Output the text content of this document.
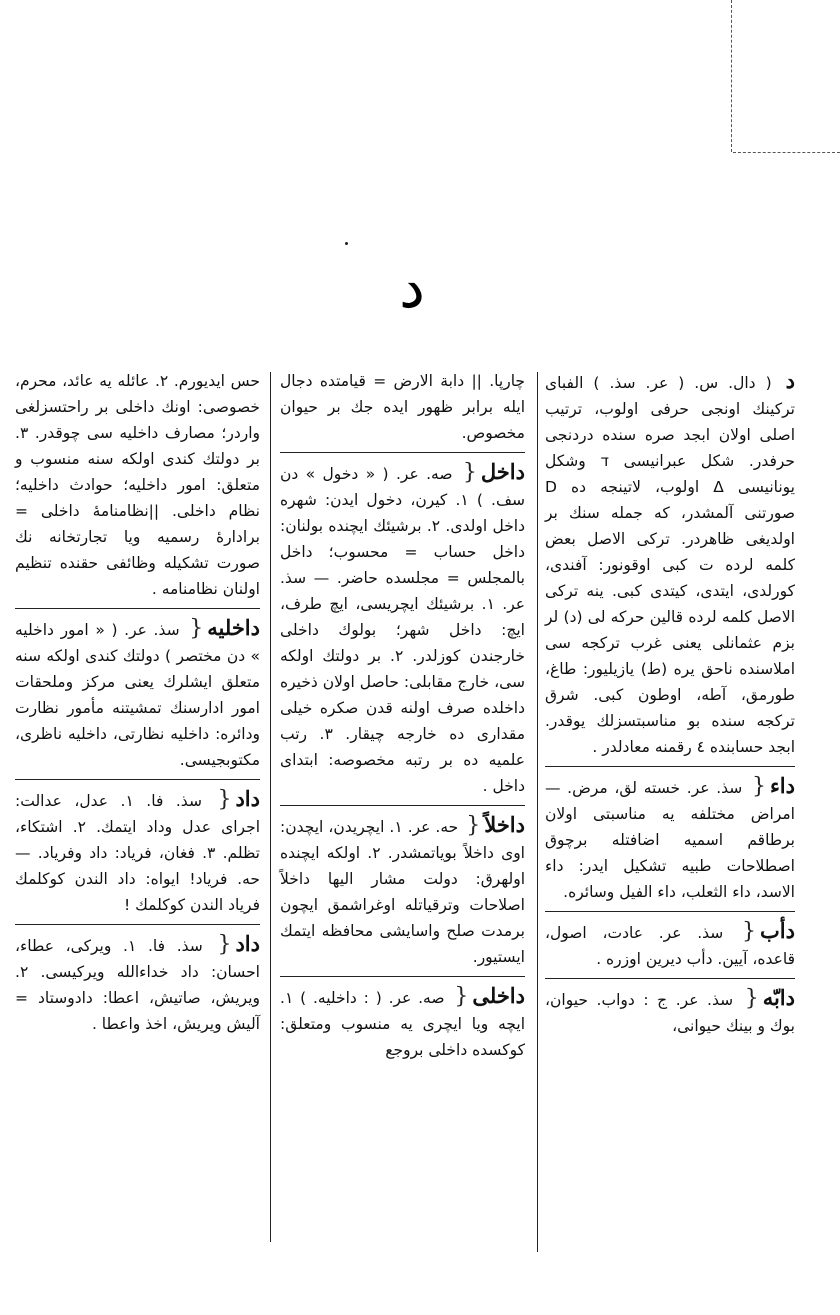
د
د ( دال. س. ( عر. سذ. ) الفباى تركينك اونجى حرفى اولوب، ترتيب اصلى اولان ابجد صره سنده دردنجى حرفدر. شكل عبرانيسى ד وشكل يونانيسى Δ اولوب، لاتينجه ده D صورتنى آلمشدر، كه جمله سنك بر اولديغى ظاهردر. تركى الاصل بعض كلمه لرده ت كبى اوقونور: آفندى، كورلدى، ايتدى، كيتدى كبى. ينه تركى الاصل كلمه لرده قالين حركه لى (د) لر بزم عثمانلى يعنى غرب تركجه سى املاسنده ناحق يره (ط) يازيليور: طاغ، طورمق، آطه، اوطون كبى. شرق تركجه سنده بو مناسبتسزلك يوقدر. ابجد حسابنده ٤ رقمنه معادلدر .
داء{ سذ. عر. خسته لق، مرض. — امراض مختلفه يه مناسبتى اولان برطاقم اسميه اضافتله برچوق اصطلاحات طبيه تشكيل ايدر: داء الاسد، داء الثعلب، داء الفيل وسائره.
دأب{ سذ. عر. عادت، اصول، قاعده، آيين. دأب ديرين اوزره .
دابّه{ سذ. عر. ج : دواب. حيوان، بوك و بينك حيوانى،
چارپا. || دابة الارض = قيامتده دجال ايله برابر ظهور ايده جك بر حيوان مخصوص.
داخل{ صه. عر. ( « دخول » دن سف. ) ١. كيرن، دخول ايدن: شهره داخل اولدى. ٢. برشيئك ايچنده بولنان: داخل حساب = محسوب؛ داخل بالمجلس = مجلسده حاضر. — سذ. عر. ١. برشيئك ايچريسى، ايچ طرف، ايچ: داخل شهر؛ بولوك داخلى خارجندن كوزلدر. ٢. بر دولتك اولكه سى، خارج مقابلى: حاصل اولان ذخيره داخلده صرف اولنه قدن صكره خيلى مقدارى ده خارجه چيقار. ٣. رتب علميه ده بر رتبه مخصوصه: ابتداى داخل .
داخلاً{ حه. عر. ١. ايچريدن، ايچدن: اوى داخلاً بوياتمشدر. ٢. اولكه ايچنده اولهرق: دولت مشار اليها داخلاً اصلاحات وترقياتله اوغراشمق ايچون برمدت صلح واسايشى محافظه ايتمك ايستيور.
داخلى{ صه. عر. ( : داخليه. ) ١. ايچه ويا ايچرى يه منسوب ومتعلق: كوكسده داخلى بروجع
حس ايديورم. ٢. عائله يه عائد، محرم، خصوصى: اونك داخلى بر راحتسزلغى واردر؛ مصارف داخليه سى چوقدر. ٣. بر دولتك كندى اولكه سنه منسوب و متعلق: امور داخليه؛ حوادث داخليه؛ نظام داخلى. ||نظامنامۀ داخلى = برادارۀ رسميه ويا تجارتخانه نك صورت تشكيله وظائفى حقنده تنظيم اولنان نظامنامه .
داخليه{ سذ. عر. ( « امور داخليه » دن مختصر ) دولتك كندى اولكه سنه متعلق ايشلرك يعنى مركز وملحقات امور ادارسنك تمشيتنه مأمور نظارت ودائره: داخليه نظارتى، داخليه ناظرى، مكتوبجيسى.
داد{ سذ. فا. ١. عدل، عدالت: اجراى عدل وداد ايتمك. ٢. اشتكاء، تظلم. ٣. فغان، فرياد: داد وفرياد. — حه. فرياد! ايواه: داد الندن كوكلمك فرياد الندن كوكلمك !
داد{ سذ. فا. ١. ويركى، عطاء، احسان: داد خداءالله ويركيسى. ٢. ويريش، صاتيش، اعطا: دادوستاد = آليش ويريش، اخذ واعطا .
